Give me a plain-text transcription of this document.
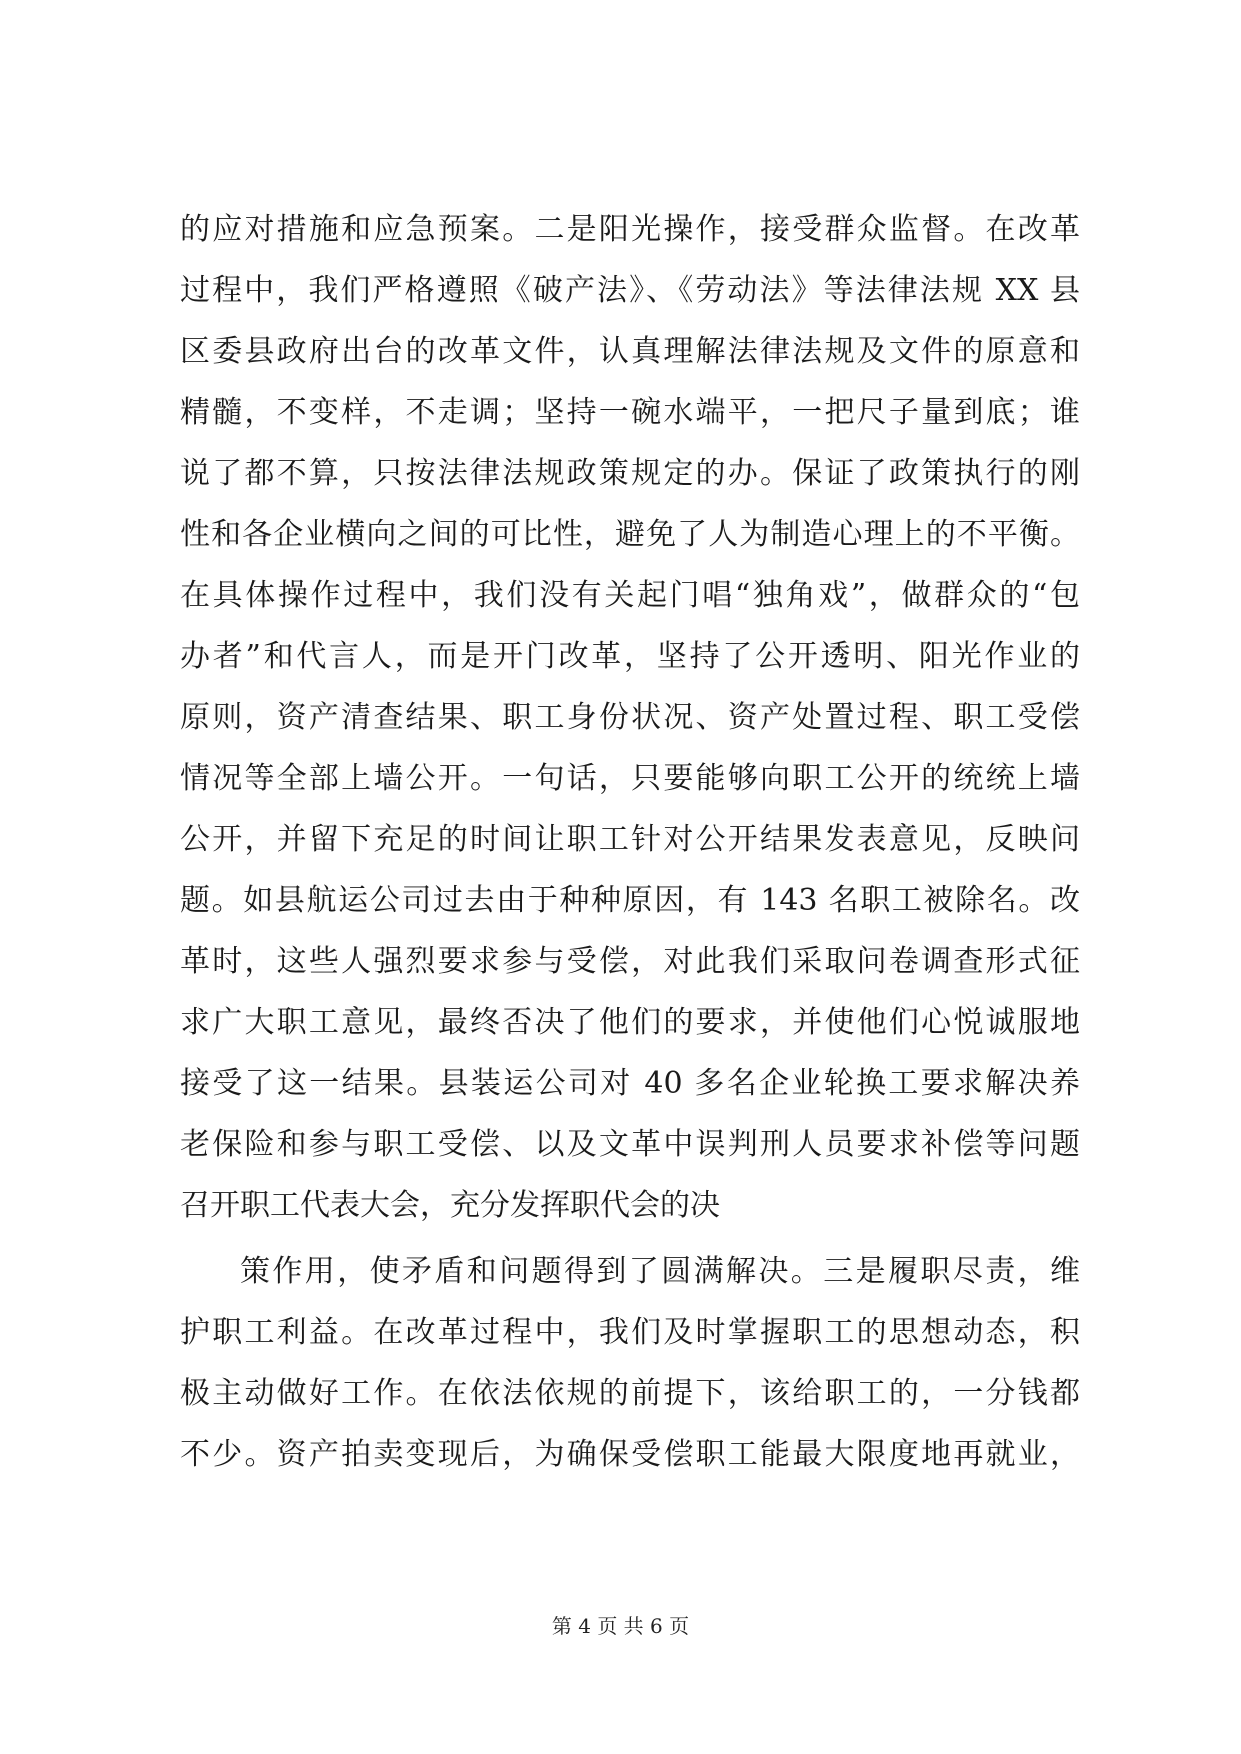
的应对措施和应急预案。二是阳光操作，接受群众监督。在改革
过程中，我们严格遵照《破产法》、《劳动法》等法律法规 XX 县
区委县政府出台的改革文件，认真理解法律法规及文件的原意和
精髓，不变样，不走调；坚持一碗水端平，一把尺子量到底；谁
说了都不算，只按法律法规政策规定的办。保证了政策执行的刚
性和各企业横向之间的可比性，避免了人为制造心理上的不平衡。
在具体操作过程中，我们没有关起门唱“独角戏”，做群众的“包
办者”和代言人，而是开门改革，坚持了公开透明、阳光作业的
原则，资产清查结果、职工身份状况、资产处置过程、职工受偿
情况等全部上墙公开。一句话，只要能够向职工公开的统统上墙
公开，并留下充足的时间让职工针对公开结果发表意见，反映问
题。如县航运公司过去由于种种原因，有 143 名职工被除名。改
革时，这些人强烈要求参与受偿，对此我们采取问卷调查形式征
求广大职工意见，最终否决了他们的要求，并使他们心悦诚服地
接受了这一结果。县装运公司对 40 多名企业轮换工要求解决养
老保险和参与职工受偿、以及文革中误判刑人员要求补偿等问题
召开职工代表大会，充分发挥职代会的决
策作用，使矛盾和问题得到了圆满解决。三是履职尽责，维
护职工利益。在改革过程中，我们及时掌握职工的思想动态，积
极主动做好工作。在依法依规的前提下，该给职工的，一分钱都
不少。资产拍卖变现后，为确保受偿职工能最大限度地再就业，
第 4 页 共 6 页
